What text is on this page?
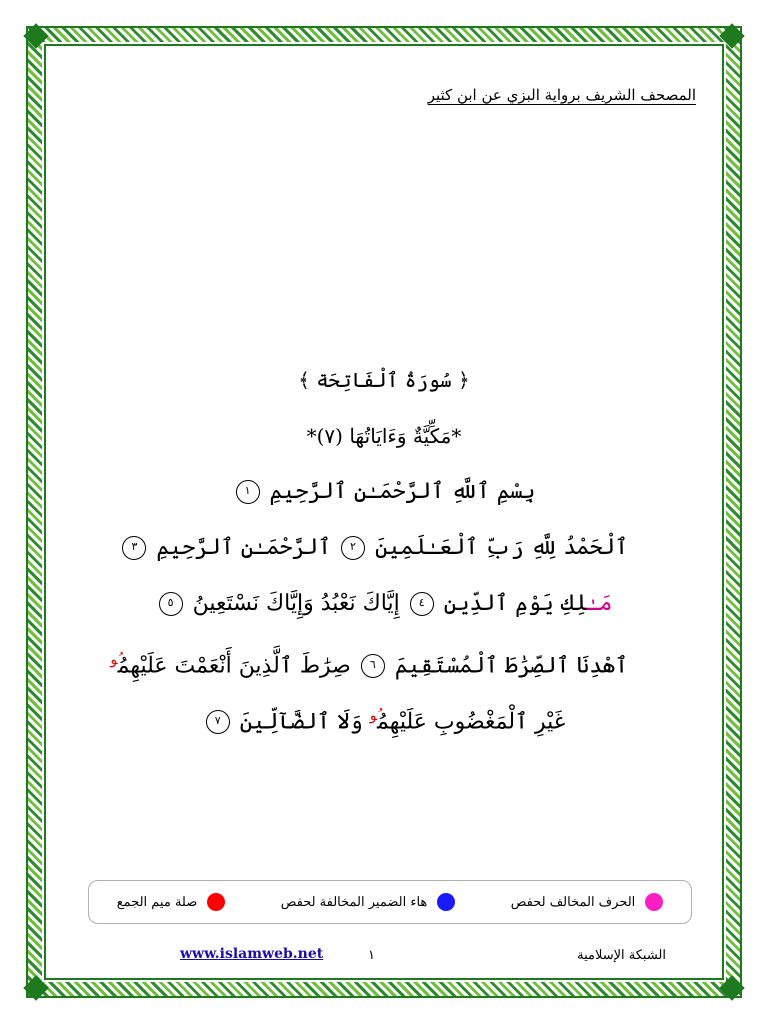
المصحف الشريف برواية البزي عن ابن كثير
﴿ سُورَةُ ٱلْفَاتِحَة ﴾
*مَكِّيَّةٌ وَءَايَاتُهَا (٧)*
بِسْمِ ٱللَّهِ ٱلرَّحْمَـٰنِ ٱلرَّحِيمِ ١
ٱلْحَمْدُ لِلَّهِ رَبِّ ٱلْعَـٰلَمِينَ ٢ ٱلرَّحْمَـٰنِ ٱلرَّحِيمِ ٣
مَـٰلِكِ يَوْمِ ٱلدِّينِ ٤ إِيَّاكَ نَعْبُدُ وَإِيَّاكَ نَسْتَعِينُ ٥
ٱهْدِنَا ٱلصِّرَٰطَ ٱلْمُسْتَقِيمَ ٦ صِرَٰطَ ٱلَّذِينَ أَنْعَمْتَ عَلَيْهِمُ$^{ُو}$
غَيْرِ ٱلْمَغْضُوبِ عَلَيْهِمُ$^{ُو}$ وَلَا ٱلضَّآلِّينَ ٧
الحرف المخالف لحفص
هاء الضمير المخالفة لحفص
صلة ميم الجمع
الشبكة الإسلامية
١
www.islamweb.net
